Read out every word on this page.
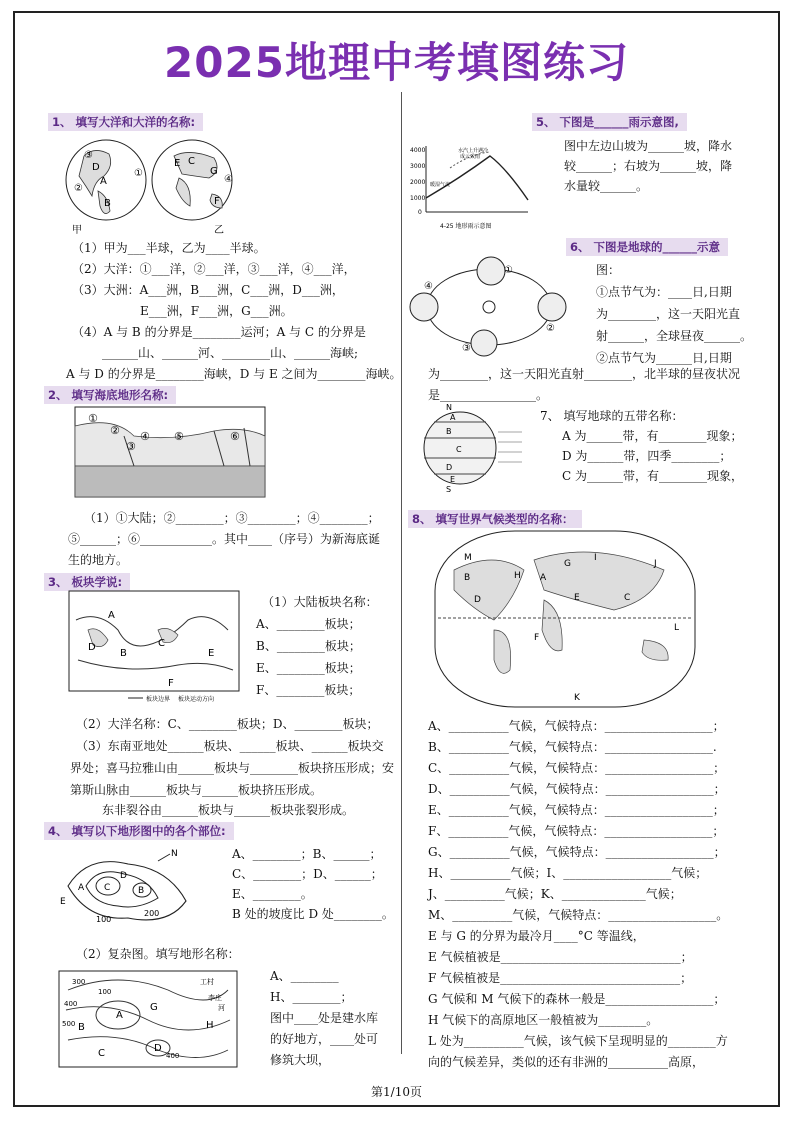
2025地理中考填图练习
1、 填写大洋和大洋的名称:
③
①
②
A
B
D	E
G
F
C
④
甲	乙
（1）甲为___半球，乙为____半球。
（2）大洋：①___洋，②___洋，③___洋，④___洋，
（3）大洲：A___洲，B___洲，C___洲，D___洲，
E___洲，F___洲，G___洲。
（4）A 与 B 的分界是________运河；A 与 C 的分界是
______山、______河、________山、______海峡;
A 与 D 的分界是________海峡，D 与 E 之间为________海峡。
2、 填写海底地形名称:
①
②
③
④ ⑤	⑥
（1）①大陆；②________；③________；④________；
⑤______；⑥____________。其中____（序号）为新海底诞
生的地方。
3、 板块学说:
A
D
B
C
E
F
板块边界 板块运动方向
（1）大陆板块名称：
A、________板块；
B、________板块；
E、________板块；
F、________板块；
（2）大洋名称：C、________板块；D、________板块；
（3）东南亚地处______板块、______板块、______板块交
界处；喜马拉雅山由______板块与________板块挤压形成；安
第斯山脉由______板块与______板块挤压形成。
东非裂谷由______板块与______板块张裂形成。
4、 填写以下地形图中的各个部位:
N
A	B
C
D
E
200
100
A、________；B、______；
C、________；D、______；
E、________。
B 处的坡度比 D 处________。
（2）复杂图。填写地形名称：
A
B
C	D
G
H
300
400
500
100
400
河
工村
李庄
A、________
H、________；
图中____处是建水库
的好地方，____处可
修筑大坝，
5、 下图是______雨示意图,
4000
3000
2000
1000
0
水汽上升遇冷
成云致雨
暖湿气流
4-25 地形雨示意图
图中左边山坡为______坡，降水
较______；右坡为______坡，降
水量较______。
6、 下图是地球的______示意
①
②
③
④
图：
①点节气为：____日,日期
为________，这一天阳光直
射______，全球昼夜______。
②点节气为______日,日期
为________，这一天阳光直射________，北半球的昼夜状况
是________________。
N
S
A
B
C
D
E
7、 填写地球的五带名称：
A 为______带，有________现象；
D 为______带，四季________；
C 为______带，有________现象，
8、 填写世界气候类型的名称：
A
B
C
D	E
F
G
H
I
J
K
L
M
A、__________气候，气候特点：__________________；
B、__________气候，气候特点：__________________.
C、__________气候，气候特点：__________________；
D、__________气候，气候特点：__________________；
E、__________气候，气候特点：__________________；
F、__________气候，气候特点：__________________；
G、__________气候，气候特点：__________________；
H、__________气候；I、__________________气候；
J、__________气候；K、______________气候；
M、__________气候，气候特点：__________________。
E 与 G 的分界为最冷月____°C 等温线，
E 气候植被是______________________________；
F 气候植被是______________________________；
G 气候和 M 气候下的森林一般是__________________；
H 气候下的高原地区一般植被为________。
L 处为__________气候，该气候下呈现明显的________方
向的气候差异，类似的还有非洲的__________高原，
第1/10页
